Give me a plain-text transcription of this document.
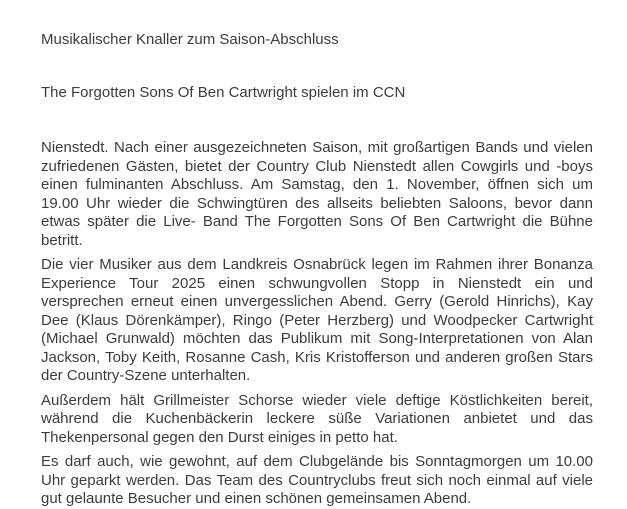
Musikalischer Knaller zum Saison-Abschluss
The Forgotten Sons Of Ben Cartwright spielen im CCN

Nienstedt. Nach einer ausgezeichneten Saison, mit großartigen Bands und vielen zufriedenen Gästen, bietet der Country Club Nienstedt allen Cowgirls und -boys einen fulminanten Abschluss. Am Samstag, den 1. November, öffnen sich um 19.00 Uhr wieder die Schwingtüren des allseits beliebten Saloons, bevor dann etwas später die Live- Band The Forgotten Sons Of Ben Cartwright die Bühne betritt.

Die vier Musiker aus dem Landkreis Osnabrück legen im Rahmen ihrer Bonanza Experience Tour 2025 einen schwungvollen Stopp in Nienstedt ein und versprechen erneut einen unvergesslichen Abend. Gerry (Gerold Hinrichs), Kay Dee (Klaus Dörenkämper), Ringo (Peter Herzberg) und Woodpecker Cartwright (Michael Grunwald) möchten das Publikum mit Song-Interpretationen von Alan Jackson, Toby Keith, Rosanne Cash, Kris Kristofferson und anderen großen Stars der Country-Szene unterhalten.

Außerdem hält Grillmeister Schorse wieder viele deftige Köstlichkeiten bereit, während die Kuchenbäckerin leckere süße Variationen anbietet und das Thekenpersonal gegen den Durst einiges in petto hat.

Es darf auch, wie gewohnt, auf dem Clubgelände bis Sonntagmorgen um 10.00 Uhr geparkt werden. Das Team des Countryclubs freut sich noch einmal auf viele gut gelaunte Besucher und einen schönen gemeinsamen Abend.
